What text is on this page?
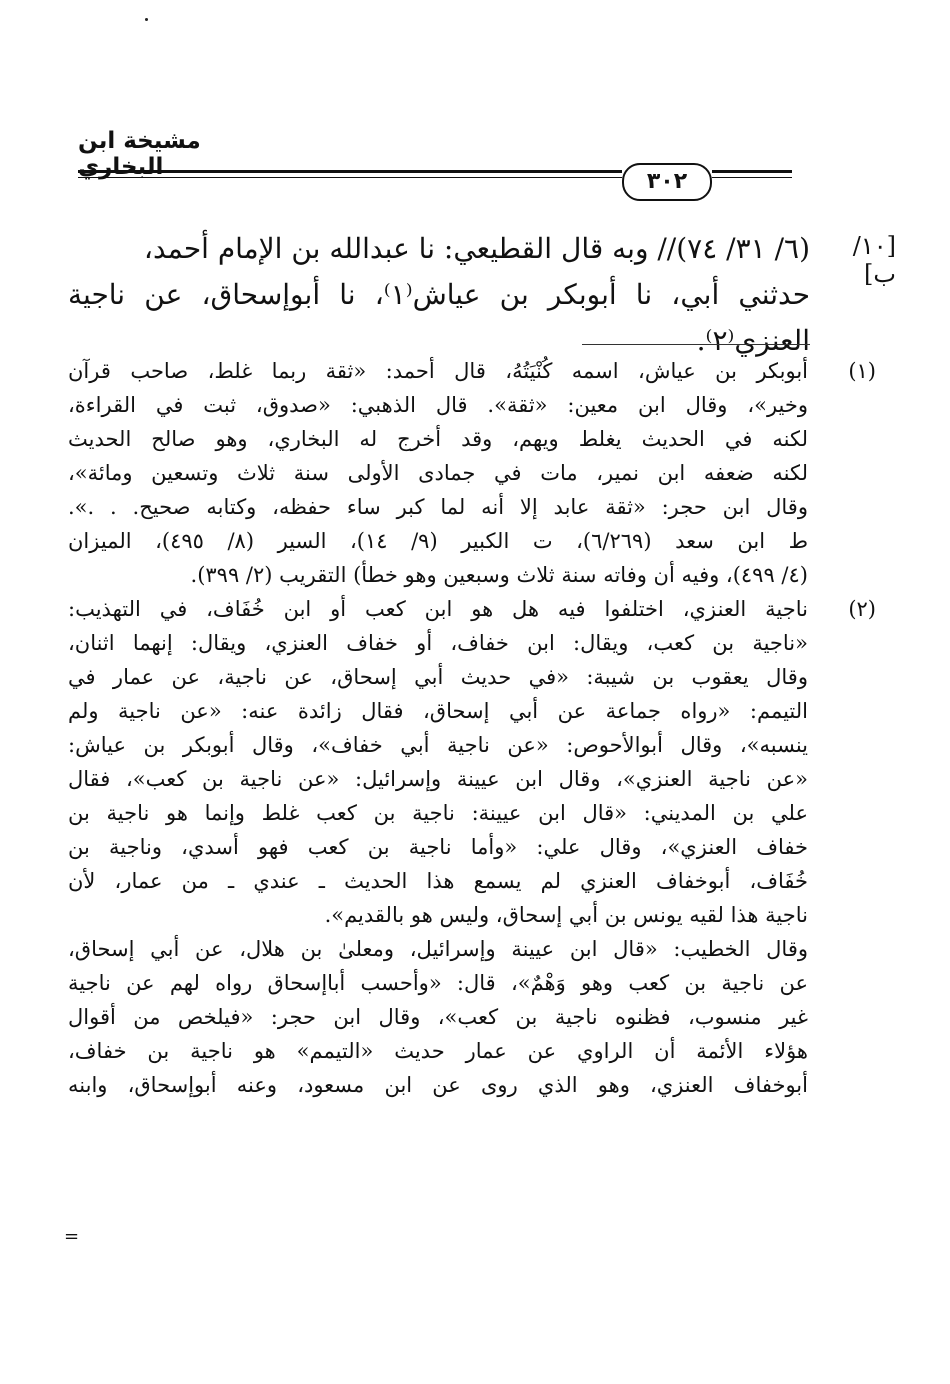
مشيخة ابن البخاري
٣٠٢
[١٠/ب]

(٦/ ٣١/ ٧٤)// وبه قال القطيعي: نا عبدالله بن الإمام أحمد،

حدثني أبي، نا أبوبكر بن عياش⁽١⁾، نا أبوإسحاق، عن ناجية العنزي⁽٢⁾.

(١)
أبوبكر بن عياش، اسمه كُنْيَتُهُ، قال أحمد: «ثقة ربما غلط، صاحب قرآن
وخير»، وقال ابن معين: «ثقة». قال الذهبي: «صدوق، ثبت في القراءة،
لكنه في الحديث يغلط ويهم، وقد أخرج له البخاري، وهو صالح الحديث
لكنه ضعفه ابن نمير، مات في جمادى الأولى سنة ثلاث وتسعين ومائة»،
وقال ابن حجر: «ثقة عابد إلا أنه لما كبر ساء حفظه، وكتابه صحيح. . .».
ط ابن سعد (٦/٢٦٩)، ت الكبير (٩/ ١٤)، السير (٨/ ٤٩٥)، الميزان
(٤/ ٤٩٩)، وفيه أن وفاته سنة ثلاث وسبعين وهو خطأ) التقريب (٢/ ٣٩٩).
(٢)
ناجية العنزي، اختلفوا فيه هل هو ابن كعب أو ابن خُفَاف، في التهذيب:
«ناجية بن كعب، ويقال: ابن خفاف، أو خفاف العنزي، ويقال: إنهما اثنان،
وقال يعقوب بن شيبة: «في حديث أبي إسحاق، عن ناجية، عن عمار في
التيمم: «رواه جماعة عن أبي إسحاق، فقال زائدة عنه: «عن ناجية ولم
ينسبه»، وقال أبوالأحوص: «عن ناجية أبي خفاف»، وقال أبوبكر بن عياش:
«عن ناجية العنزي»، وقال ابن عيينة وإسرائيل: «عن ناجية بن كعب»، فقال
علي بن المديني: «قال ابن عيينة: ناجية بن كعب غلط وإنما هو ناجية بن
خفاف العنزي»، وقال علي: «وأما ناجية بن كعب فهو أسدي، وناجية بن
خُفَاف، أبوخفاف العنزي لم يسمع هذا الحديث ـ عندي ـ من عمار، لأن
ناجية هذا لقيه يونس بن أبي إسحاق، وليس هو بالقديم».
وقال الخطيب: «قال ابن عيينة وإسرائيل، ومعلىٰ بن هلال، عن أبي إسحاق،
عن ناجية بن كعب وهو وَهْمٌ»، قال: «وأحسب أباإسحاق رواه لهم عن ناجية
غير منسوب، فظنوه ناجية بن كعب»، وقال ابن حجر: «فيلخص من أقوال
هؤلاء الأئمة أن الراوي عن عمار حديث «التيمم» هو ناجية بن خفاف،
أبوخفاف العنزي، وهو الذي روى عن ابن مسعود، وعنه أبوإسحاق، وابنه
=
